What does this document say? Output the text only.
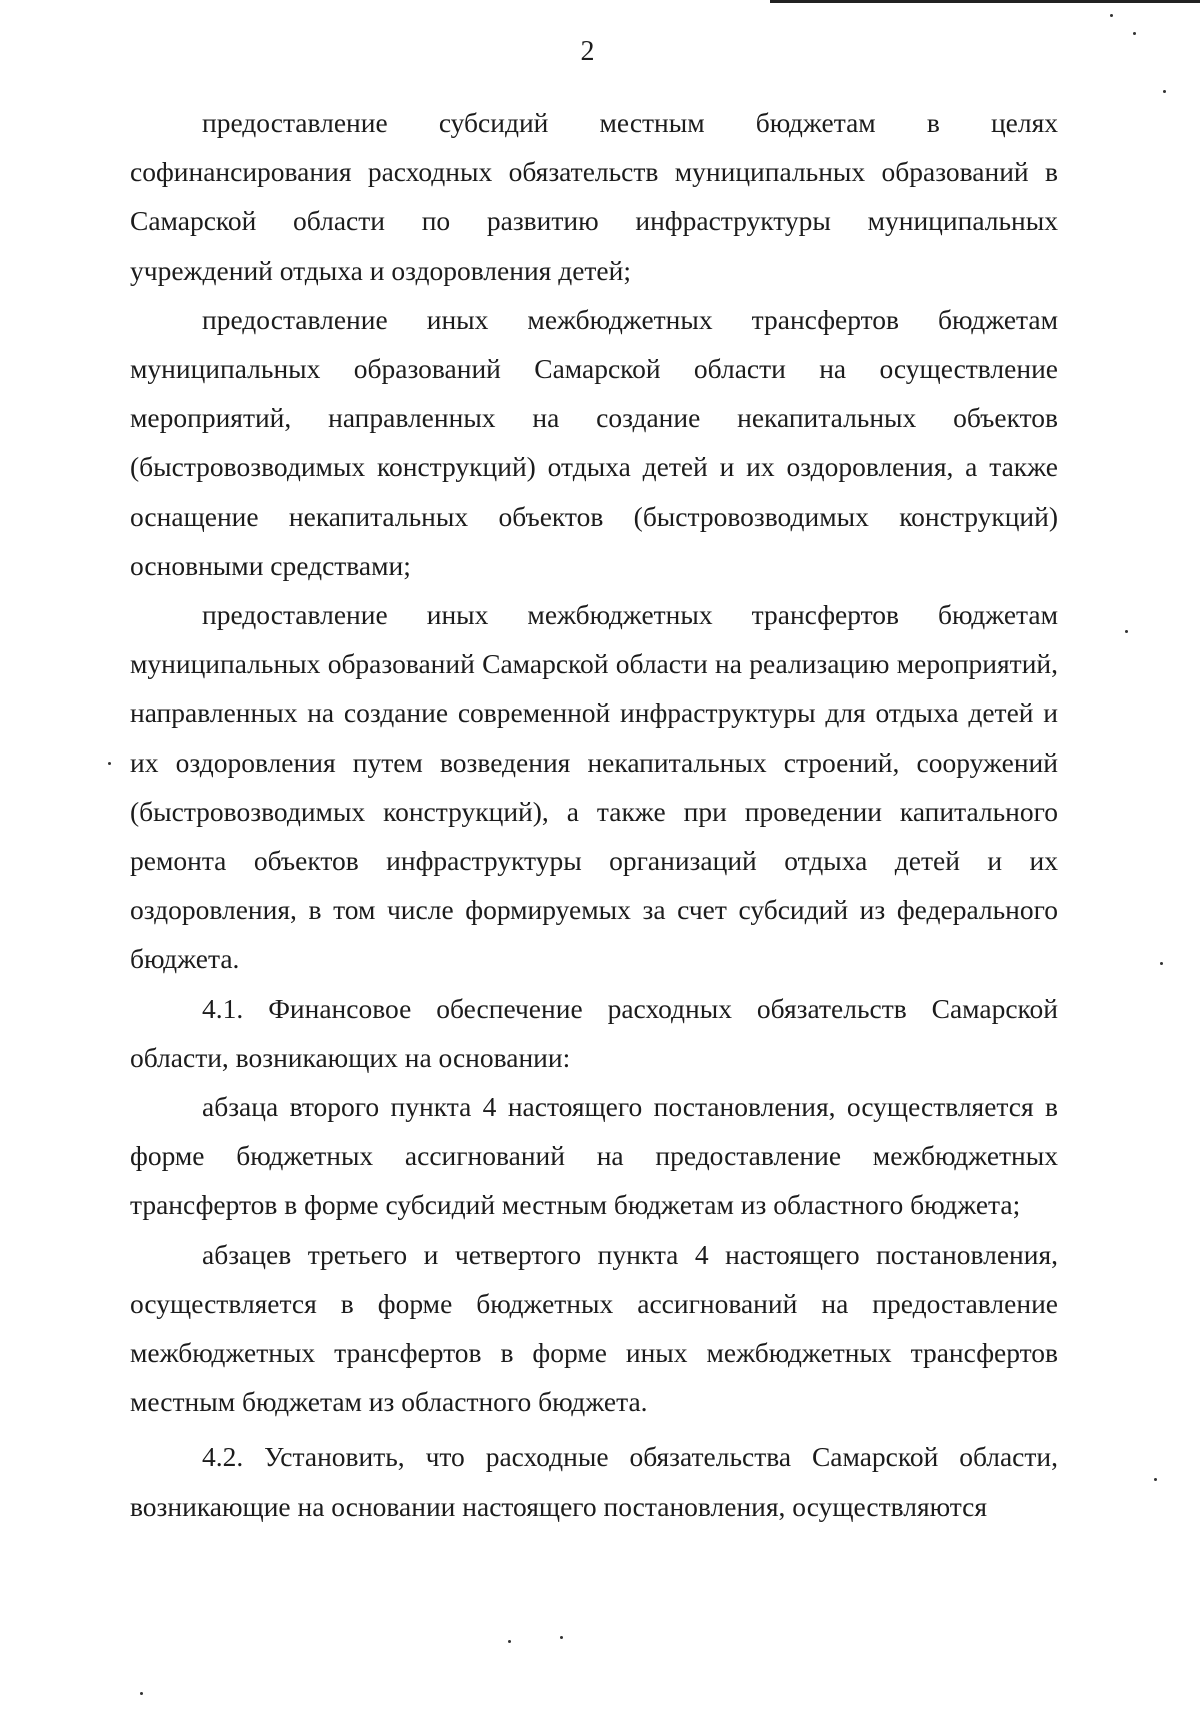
2

предоставление субсидий местным бюджетам в целях софинансирования расходных обязательств муниципальных образований в Самарской области по развитию инфраструктуры муниципальных учреждений отдыха и оздоровления детей;

предоставление иных межбюджетных трансфертов бюджетам муниципальных образований Самарской области на осуществление мероприятий, направленных на создание некапитальных объектов (быстровозводимых конструкций) отдыха детей и их оздоровления, а также оснащение некапитальных объектов (быстровозводимых конструкций) основными средствами;

предоставление иных межбюджетных трансфертов бюджетам муниципальных образований Самарской области на реализацию мероприятий, направленных на создание современной инфраструктуры для отдыха детей и их оздоровления путем возведения некапитальных строений, сооружений (быстровозводимых конструкций), а также при проведении капитального ремонта объектов инфраструктуры организаций отдыха детей и их оздоровления, в том числе формируемых за счет субсидий из федерального бюджета.

4.1. Финансовое обеспечение расходных обязательств Самарской области, возникающих на основании:

абзаца второго пункта 4 настоящего постановления, осуществляется в форме бюджетных ассигнований на предоставление межбюджетных трансфертов в форме субсидий местным бюджетам из областного бюджета;

абзацев третьего и четвертого пункта 4 настоящего постановления, осуществляется в форме бюджетных ассигнований на предоставление межбюджетных трансфертов в форме иных межбюджетных трансфертов местным бюджетам из областного бюджета.

4.2. Установить, что расходные обязательства Самарской области, возникающие на основании настоящего постановления, осуществляются
